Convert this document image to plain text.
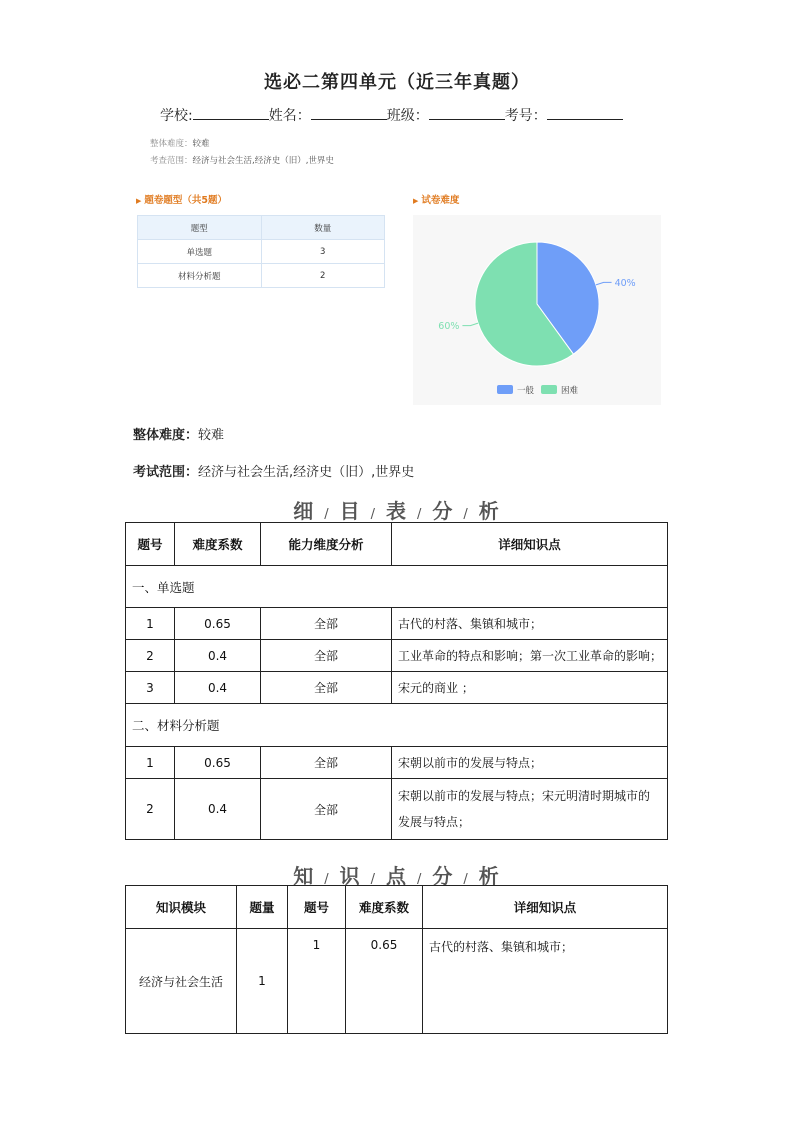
选必二第四单元（近三年真题）
学校:	姓名：	班级：	考号：
整体难度：较难
考查范围：经济与社会生活,经济史（旧）,世界史
▶ 题卷题型（共5题）
题型	数量
单选题	3
材料分析题	2
▶ 试卷难度
40%
60%
一般	困难
整体难度：较难
考试范围：经济与社会生活,经济史（旧）,世界史
细 / 目 / 表 / 分 / 析
题号	难度系数	能力维度分析	详细知识点
一、单选题			
1	0.65	全部	古代的村落、集镇和城市；
2	0.4	全部	工业革命的特点和影响；第一次工业革命的影响；
3	0.4	全部	宋元的商业 ；
二、材料分析题			
1	0.65	全部	宋朝以前市的发展与特点；
2	0.4	全部	宋朝以前市的发展与特点；宋元明清时期城市的发展与特点；
知 / 识 / 点 / 分 / 析
知识模块	题量	题号	难度系数	详细知识点
经济与社会生活	1	1	0.65	古代的村落、集镇和城市；
